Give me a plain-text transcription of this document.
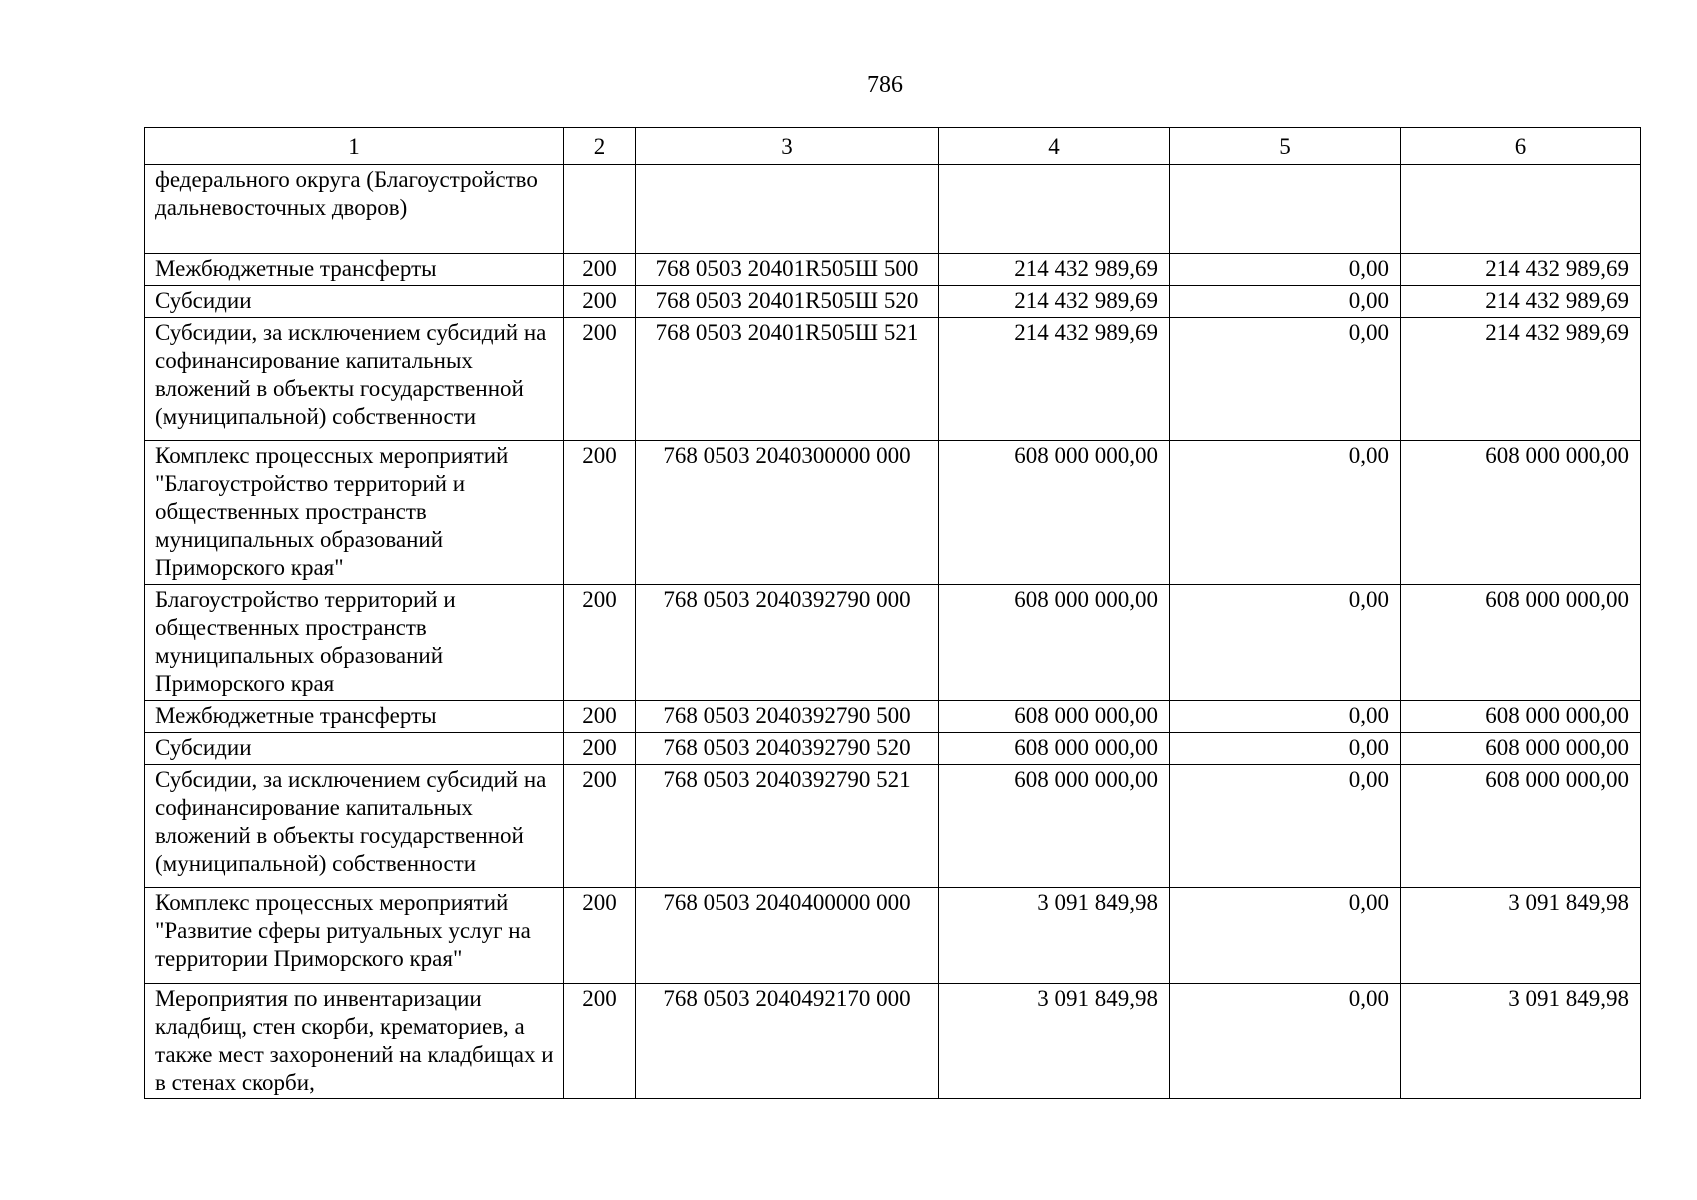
786
1	2	3	4	5	6
федерального округа (Благоустройство дальневосточных дворов)					
Межбюджетные трансферты	200	768 0503 20401R505Ш 500	214 432 989,69	0,00	214 432 989,69
Субсидии	200	768 0503 20401R505Ш 520	214 432 989,69	0,00	214 432 989,69
Субсидии, за исключением субсидий на софинансирование капитальных вложений в объекты государственной (муниципальной) собственности	200	768 0503 20401R505Ш 521	214 432 989,69	0,00	214 432 989,69
Комплекс процессных мероприятий "Благоустройство территорий и общественных пространств муниципальных образований Приморского края"	200	768 0503 2040300000 000	608 000 000,00	0,00	608 000 000,00
Благоустройство территорий и общественных пространств муниципальных образований Приморского края	200	768 0503 2040392790 000	608 000 000,00	0,00	608 000 000,00
Межбюджетные трансферты	200	768 0503 2040392790 500	608 000 000,00	0,00	608 000 000,00
Субсидии	200	768 0503 2040392790 520	608 000 000,00	0,00	608 000 000,00
Субсидии, за исключением субсидий на софинансирование капитальных вложений в объекты государственной (муниципальной) собственности	200	768 0503 2040392790 521	608 000 000,00	0,00	608 000 000,00
Комплекс процессных мероприятий "Развитие сферы ритуальных услуг на территории Приморского края"	200	768 0503 2040400000 000	3 091 849,98	0,00	3 091 849,98
Мероприятия по инвентаризации кладбищ, стен скорби, крематориев, а также мест захоронений на кладбищах и в стенах скорби,	200	768 0503 2040492170 000	3 091 849,98	0,00	3 091 849,98
